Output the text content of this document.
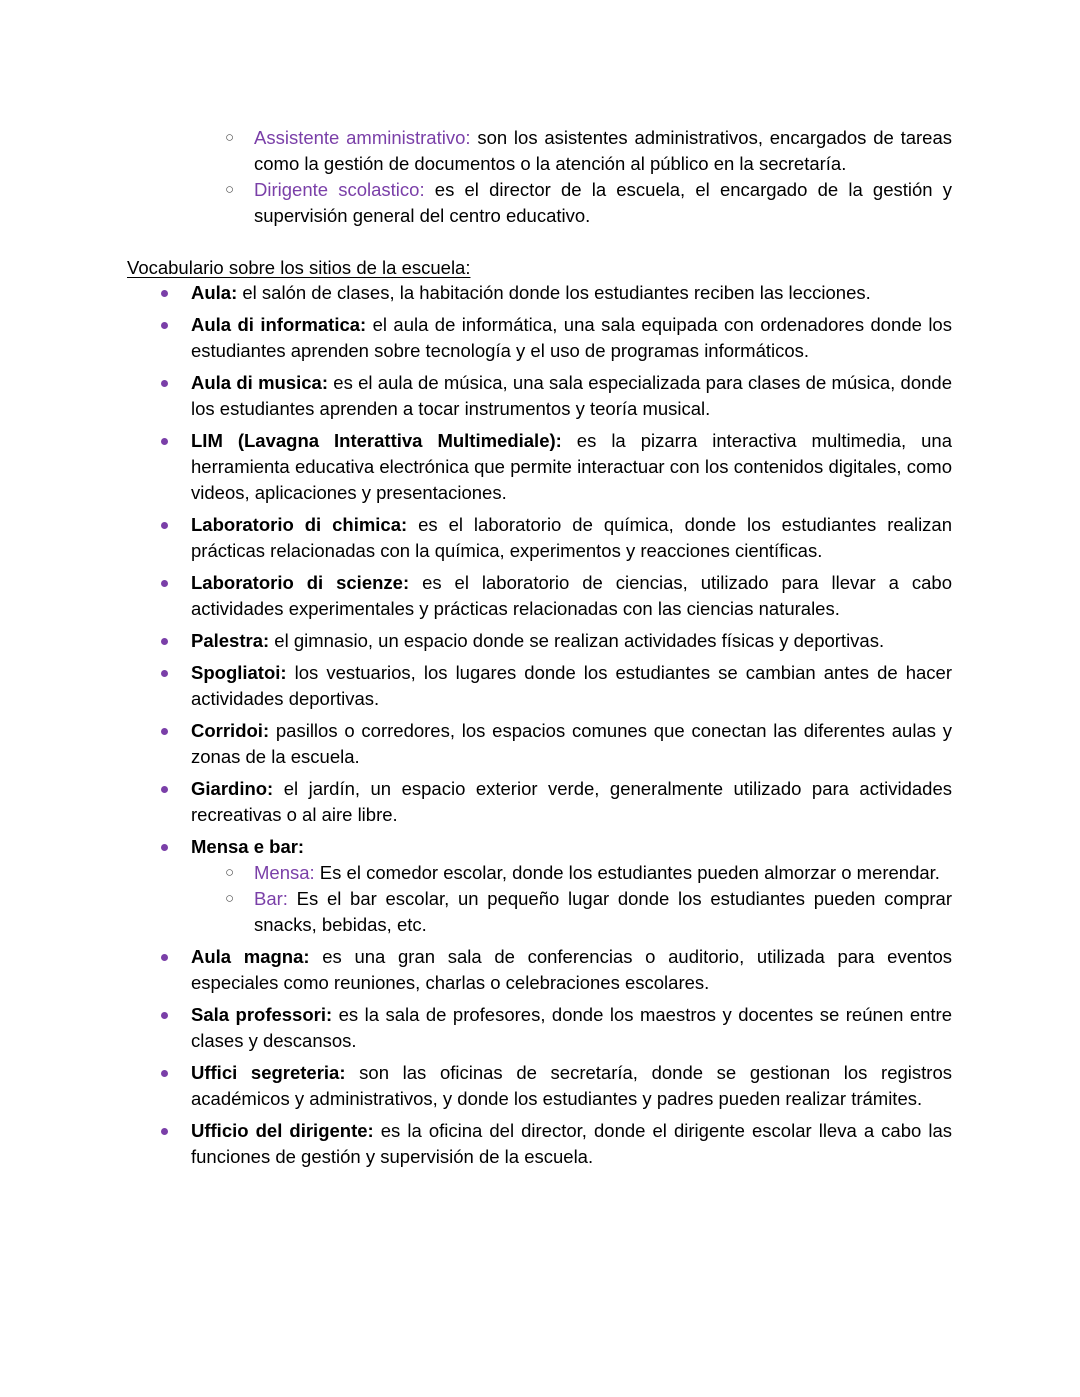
○ Assistente amministrativo: son los asistentes administrativos, encargados de tareas como la gestión de documentos o la atención al público en la secretaría.
○ Dirigente scolastico: es el director de la escuela, el encargado de la gestión y supervisión general del centro educativo.
Vocabulario sobre los sitios de la escuela:
Aula: el salón de clases, la habitación donde los estudiantes reciben las lecciones.
Aula di informatica: el aula de informática, una sala equipada con ordenadores donde los estudiantes aprenden sobre tecnología y el uso de programas informáticos.
Aula di musica: es el aula de música, una sala especializada para clases de música, donde los estudiantes aprenden a tocar instrumentos y teoría musical.
LIM (Lavagna Interattiva Multimediale): es la pizarra interactiva multimedia, una herramienta educativa electrónica que permite interactuar con los contenidos digitales, como videos, aplicaciones y presentaciones.
Laboratorio di chimica: es el laboratorio de química, donde los estudiantes realizan prácticas relacionadas con la química, experimentos y reacciones científicas.
Laboratorio di scienze: es el laboratorio de ciencias, utilizado para llevar a cabo actividades experimentales y prácticas relacionadas con las ciencias naturales.
Palestra: el gimnasio, un espacio donde se realizan actividades físicas y deportivas.
Spogliatoi: los vestuarios, los lugares donde los estudiantes se cambian antes de hacer actividades deportivas.
Corridoi: pasillos o corredores, los espacios comunes que conectan las diferentes aulas y zonas de la escuela.
Giardino: el jardín, un espacio exterior verde, generalmente utilizado para actividades recreativas o al aire libre.
Mensa e bar:
○ Mensa: Es el comedor escolar, donde los estudiantes pueden almorzar o merendar.
○ Bar: Es el bar escolar, un pequeño lugar donde los estudiantes pueden comprar snacks, bebidas, etc.
Aula magna: es una gran sala de conferencias o auditorio, utilizada para eventos especiales como reuniones, charlas o celebraciones escolares.
Sala professori: es la sala de profesores, donde los maestros y docentes se reúnen entre clases y descansos.
Uffici segreteria: son las oficinas de secretaría, donde se gestionan los registros académicos y administrativos, y donde los estudiantes y padres pueden realizar trámites.
Ufficio del dirigente: es la oficina del director, donde el dirigente escolar lleva a cabo las funciones de gestión y supervisión de la escuela.
